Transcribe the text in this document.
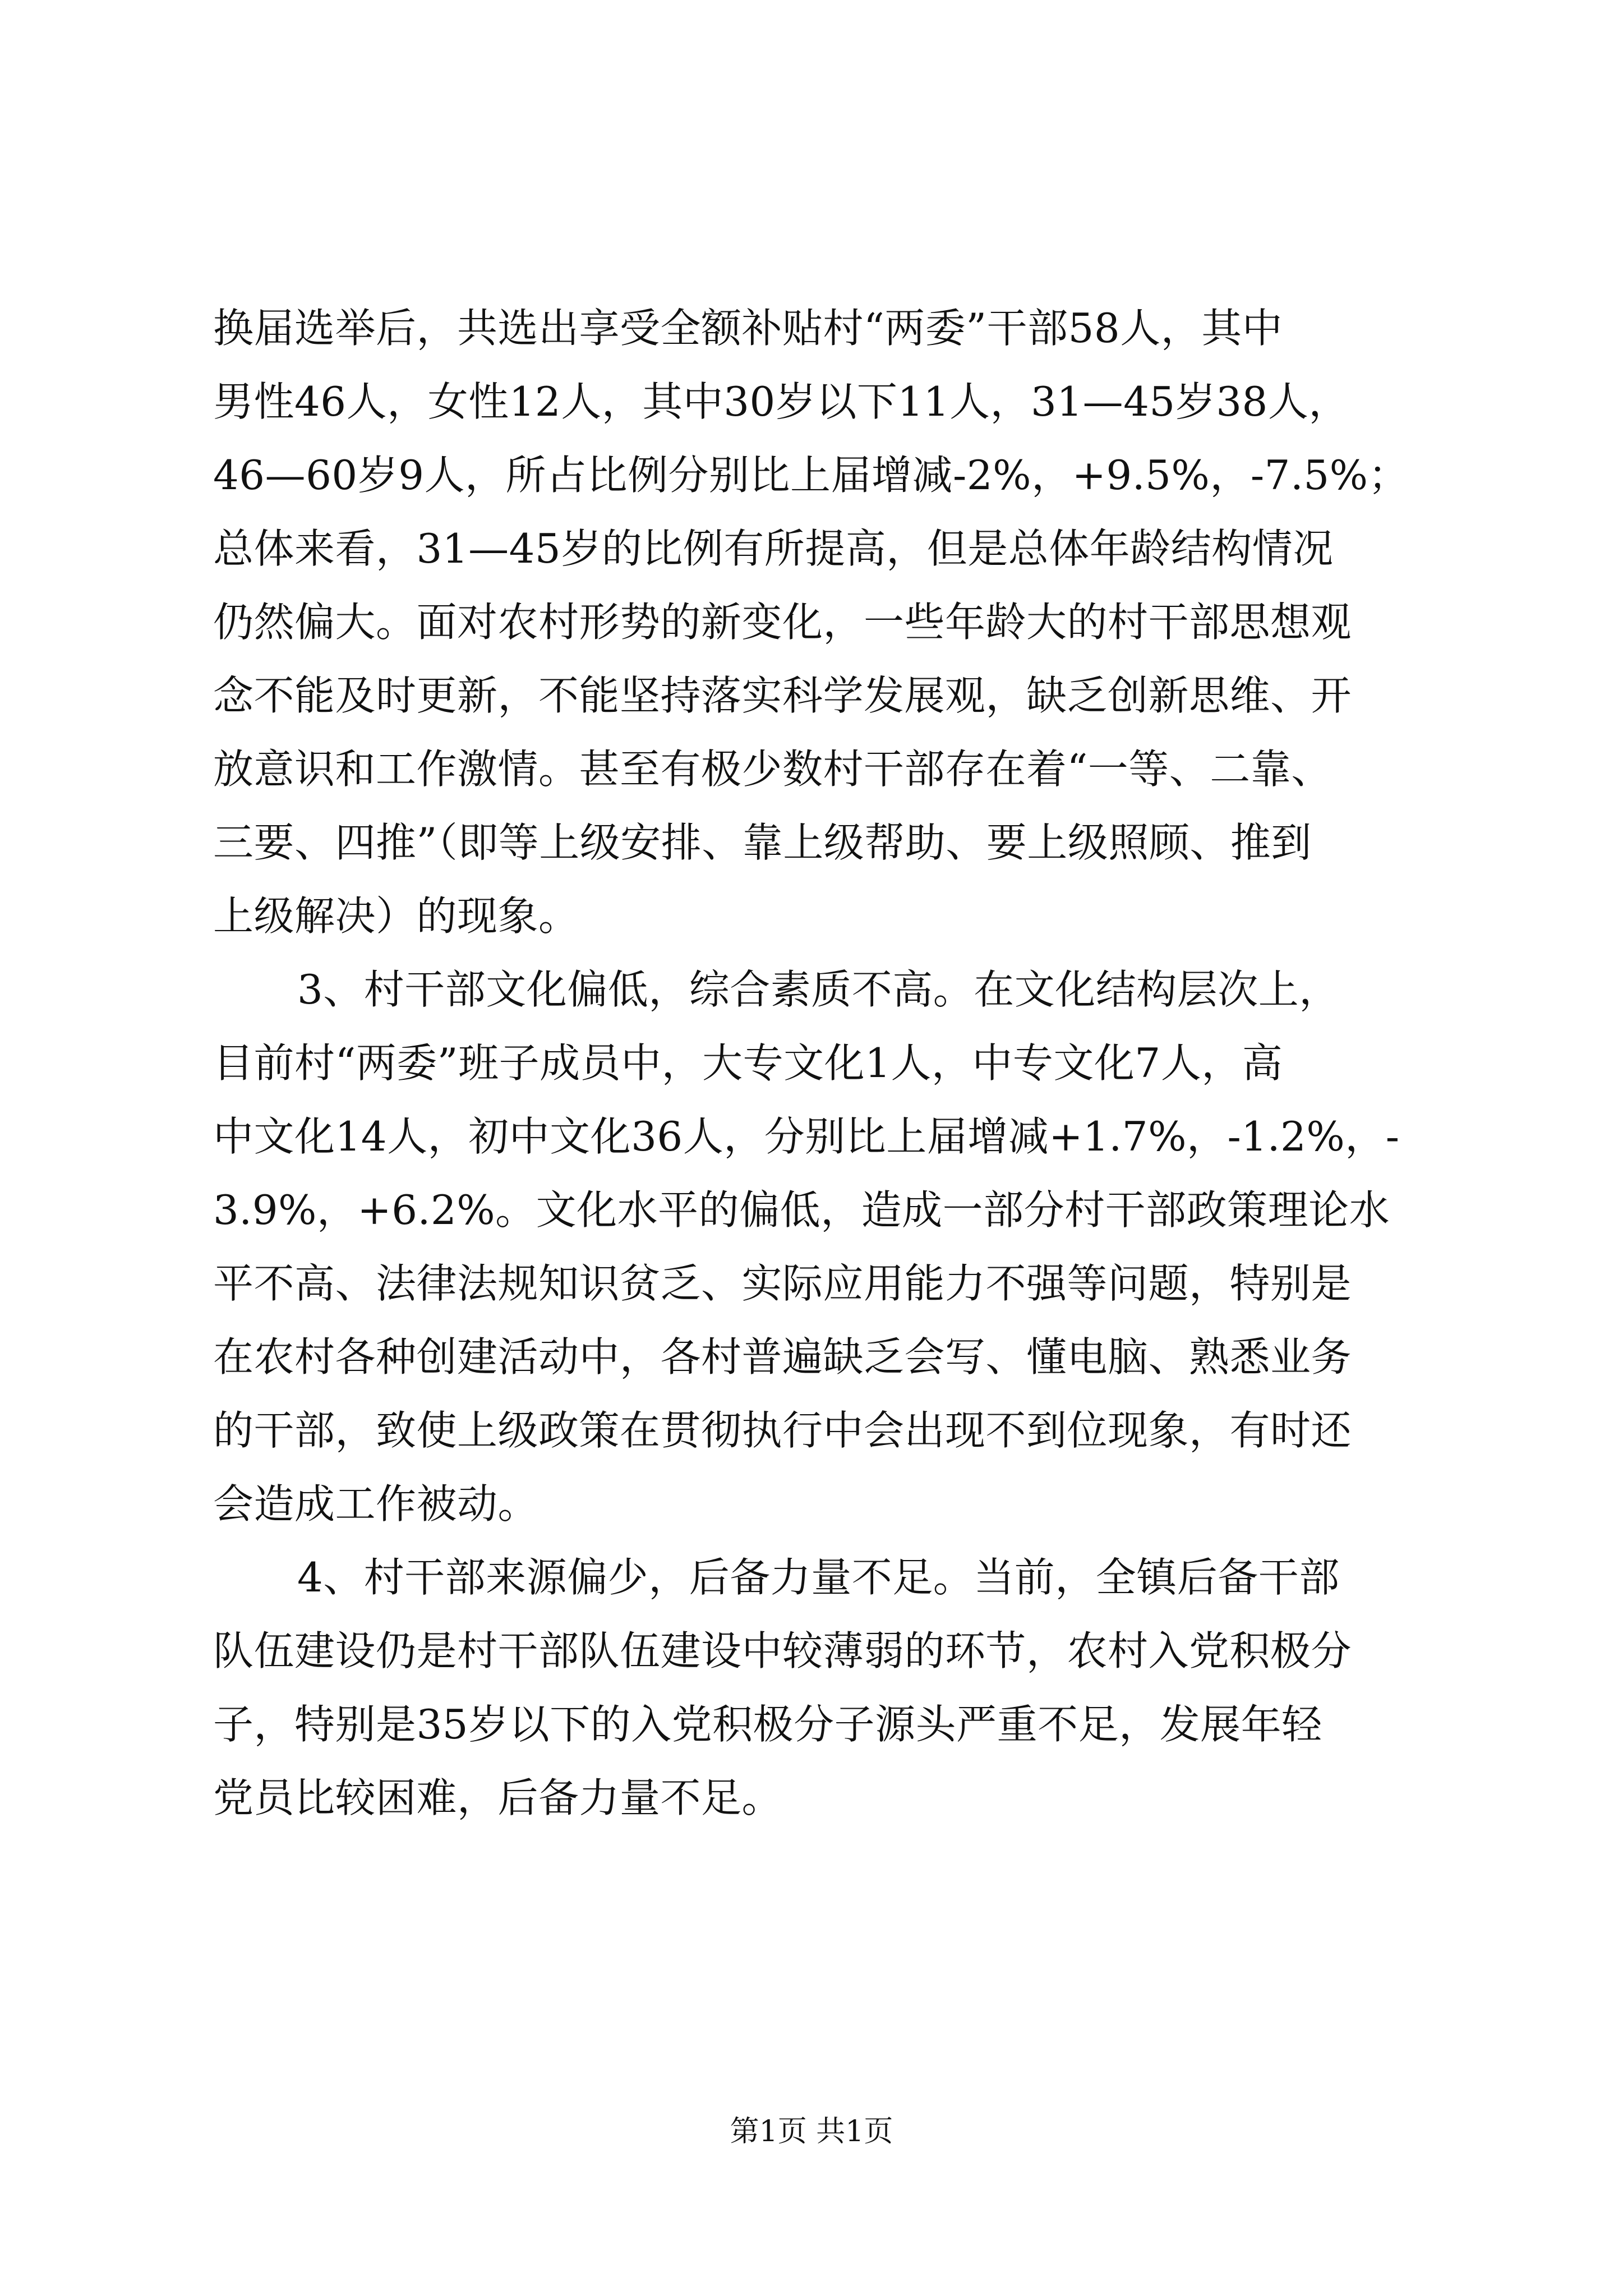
换届选举后，共选出享受全额补贴村“两委”干部58人，其中
男性46人，女性12人，其中30岁以下11人，31—45岁38人，
46—60岁9人，所占比例分别比上届增减-2%，+9.5%，-7.5%；
总体来看，31—45岁的比例有所提高，但是总体年龄结构情况
仍然偏大。面对农村形势的新变化，一些年龄大的村干部思想观
念不能及时更新，不能坚持落实科学发展观，缺乏创新思维、开
放意识和工作激情。甚至有极少数村干部存在着“一等、二靠、
三要、四推”（即等上级安排、靠上级帮助、要上级照顾、推到
上级解决）的现象。
3、村干部文化偏低，综合素质不高。在文化结构层次上，
目前村“两委”班子成员中，大专文化1人，中专文化7人，高
中文化14人，初中文化36人，分别比上届增减+1.7%，-1.2%，-
3.9%，+6.2%。文化水平的偏低，造成一部分村干部政策理论水
平不高、法律法规知识贫乏、实际应用能力不强等问题，特别是
在农村各种创建活动中，各村普遍缺乏会写、懂电脑、熟悉业务
的干部，致使上级政策在贯彻执行中会出现不到位现象，有时还
会造成工作被动。
4、村干部来源偏少，后备力量不足。当前，全镇后备干部
队伍建设仍是村干部队伍建设中较薄弱的环节，农村入党积极分
子，特别是35岁以下的入党积极分子源头严重不足，发展年轻
党员比较困难，后备力量不足。
第1页 共1页
